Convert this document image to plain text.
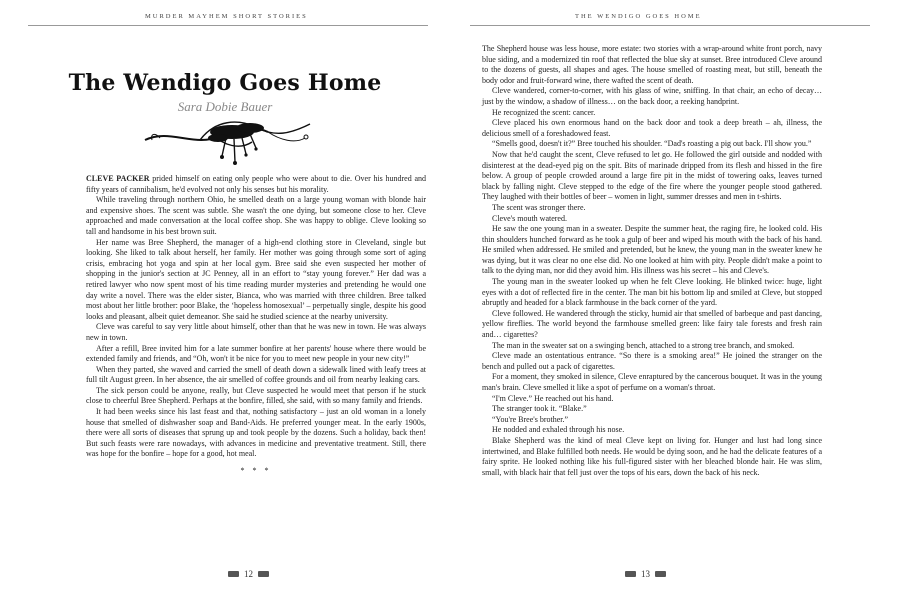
MURDER MAYHEM SHORT STORIES
The Wendigo Goes Home
Sara Dobie Bauer

CLEVE PACKER prided himself on eating only people who were about to die. Over his hundred and fifty years of cannibalism, he'd evolved not only his senses but his morality.

While traveling through northern Ohio, he smelled death on a large young woman with blonde hair and expensive shoes. The scent was subtle. She wasn't the one dying, but someone close to her. Cleve approached and made conversation at the local coffee shop. She was happy to oblige. Cleve looking so tall and handsome in his best brown suit.

Her name was Bree Shepherd, the manager of a high-end clothing store in Cleveland, single but looking. She liked to talk about herself, her family. Her mother was going through some sort of aging crisis, embracing hot yoga and spin at her local gym. Bree said she even suspected her mother of shopping in the junior's section at JC Penney, all in an effort to “stay young forever.” Her dad was a retired lawyer who now spent most of his time reading murder mysteries and pretending he would one day write a novel. There was the elder sister, Bianca, who was married with three children. Bree talked most about her little brother: poor Blake, the ‘hopeless homosexual’ – perpetually single, despite his good looks and pleasant, albeit quiet demeanor. She said he studied science at the nearby university.

Cleve was careful to say very little about himself, other than that he was new in town. He was always new in town.

After a refill, Bree invited him for a late summer bonfire at her parents' house where there would be extended family and friends, and “Oh, won't it be nice for you to meet new people in your new city!”

When they parted, she waved and carried the smell of death down a sidewalk lined with leafy trees at full tilt August green. In her absence, the air smelled of coffee grounds and oil from nearby leaking cars.

The sick person could be anyone, really, but Cleve suspected he would meet that person if he stuck close to cheerful Bree Shepherd. Perhaps at the bonfire, filled, she said, with so many family and friends.

It had been weeks since his last feast and that, nothing satisfactory – just an old woman in a lonely house that smelled of dishwasher soap and Band-Aids. He preferred younger meat. In the early 1900s, there were all sorts of diseases that sprung up and took people by the dozens. Such a holiday, back then! But such feasts were rare nowadays, with advances in medicine and preventative treatment. Still, there was hope for the bonfire – hope for a good, hot meal.

* * *
12
THE WENDIGO GOES HOME

The Shepherd house was less house, more estate: two stories with a wrap-around white front porch, navy blue siding, and a modernized tin roof that reflected the blue sky at sunset. Bree introduced Cleve around to the dozens of guests, all shapes and ages. The house smelled of roasting meat, but still, beneath the body odor and fruit-forward wine, there wafted the scent of death.

Cleve wandered, corner-to-corner, with his glass of wine, sniffing. In that chair, an echo of decay… just by the window, a shadow of illness… on the back door, a reeking handprint.

He recognized the scent: cancer.

Cleve placed his own enormous hand on the back door and took a deep breath – ah, illness, the delicious smell of a foreshadowed feast.

“Smells good, doesn't it?” Bree touched his shoulder. “Dad's roasting a pig out back. I'll show you.”

Now that he'd caught the scent, Cleve refused to let go. He followed the girl outside and nodded with disinterest at the dead-eyed pig on the spit. Bits of marinade dripped from its flesh and hissed in the fire below. A group of people crowded around a large fire pit in the midst of towering oaks, leaves turned black by falling night. Cleve stepped to the edge of the fire where the younger people stood gathered. They laughed with their bottles of beer – women in light, summer dresses and men in t-shirts.

The scent was stronger there.

Cleve's mouth watered.

He saw the one young man in a sweater. Despite the summer heat, the raging fire, he looked cold. His thin shoulders hunched forward as he took a gulp of beer and wiped his mouth with the back of his hand. He smiled when addressed. He smiled and pretended, but he knew, the young man in the sweater knew he was dying, but it was clear no one else did. No one looked at him with pity. People didn't make a point to talk to the dying man, nor did they avoid him. His illness was his secret – his and Cleve's.

The young man in the sweater looked up when he felt Cleve looking. He blinked twice: huge, light eyes with a dot of reflected fire in the center. The man bit his bottom lip and smiled at Cleve, but stopped abruptly and headed for a black farmhouse in the back corner of the yard.

Cleve followed. He wandered through the sticky, humid air that smelled of barbeque and past dancing, yellow fireflies. The world beyond the farmhouse smelled green: like fairy tale forests and fresh rain and… cigarettes?

The man in the sweater sat on a swinging bench, attached to a strong tree branch, and smoked.

Cleve made an ostentatious entrance. “So there is a smoking area!” He joined the stranger on the bench and pulled out a pack of cigarettes.

For a moment, they smoked in silence, Cleve enraptured by the cancerous bouquet. It was in the young man's brain. Cleve smelled it like a spot of perfume on a woman's throat.

“I'm Cleve.” He reached out his hand.

The stranger took it. “Blake.”

“You're Bree's brother.”

He nodded and exhaled through his nose.

Blake Shepherd was the kind of meal Cleve kept on living for. Hunger and lust had long since intertwined, and Blake fulfilled both needs. He would be dying soon, and he had the delicate features of a fairy sprite. He looked nothing like his full-figured sister with her bleached blonde hair. He was slim, small, with black hair that fell just over the tops of his ears, down the back of his neck.

13
